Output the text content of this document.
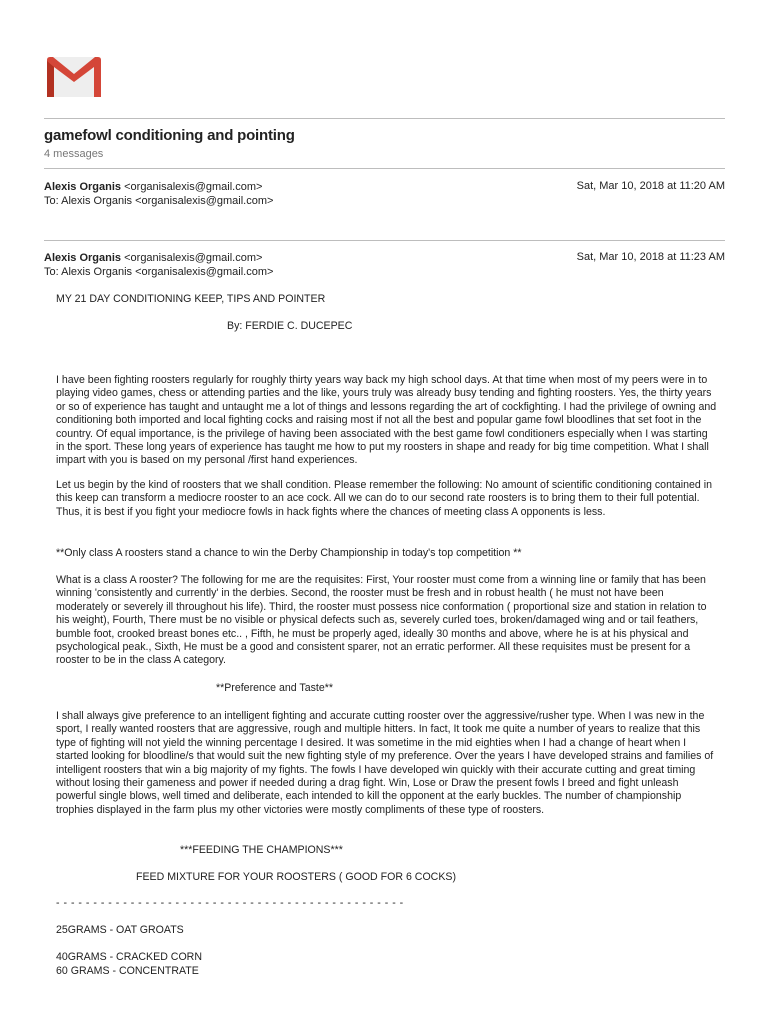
gamefowl conditioning and pointing
4 messages
Alexis Organis <organisalexis@gmail.com>
To: Alexis Organis <organisalexis@gmail.com>
Sat, Mar 10, 2018 at 11:20 AM
Alexis Organis <organisalexis@gmail.com>
To: Alexis Organis <organisalexis@gmail.com>
Sat, Mar 10, 2018 at 11:23 AM
MY 21 DAY CONDITIONING KEEP, TIPS AND POINTER
By: FERDIE C. DUCEPEC
I have been fighting roosters regularly for roughly thirty years way back my high school days. At that time when most of my peers were in to playing video games, chess or attending parties and the like, yours truly was already busy tending and fighting roosters. Yes, the thirty years or so of experience has taught and untaught me a lot of things and lessons regarding the art of cockfighting. I had the privilege of owning and conditioning both imported and local fighting cocks and raising most if not all the best and popular game fowl bloodlines that set foot in the country. Of equal importance, is the privilege of having been associated with the best game fowl conditioners especially when I was starting in the sport. These long years of experience has taught me how to put my roosters in shape and ready for big time competition. What I shall impart with you is based on my personal /first hand experiences.
Let us begin by the kind of roosters that we shall condition. Please remember the following: No amount of scientific conditioning contained in this keep can transform a mediocre rooster to an ace cock. All we can do to our second rate roosters is to bring them to their full potential. Thus, it is best if you fight your mediocre fowls in hack fights where the chances of meeting class A opponents is less.
**Only class A roosters stand a chance to win the Derby Championship in today's top competition **
What is a class A rooster? The following for me are the requisites: First, Your rooster must come from a winning line or family that has been winning 'consistently and currently' in the derbies. Second, the rooster must be fresh and in robust health ( he must not have been moderately or severely ill throughout his life). Third, the rooster must possess nice conformation ( proportional size and station in relation to his weight), Fourth, There must be no visible or physical defects such as, severely curled toes, broken/damaged wing and or tail feathers, bumble foot, crooked breast bones etc.. , Fifth, he must be properly aged, ideally 30 months and above, where he is at his physical and psychological peak., Sixth, He must be a good and consistent sparer, not an erratic performer. All these requisites must be present for a rooster to be in the class A category.
**Preference and Taste**
I shall always give preference to an intelligent fighting and accurate cutting rooster over the aggressive/rusher type. When I was new in the sport, I really wanted roosters that are aggressive, rough and multiple hitters. In fact, It took me quite a number of years to realize that this type of fighting will not yield the winning percentage I desired. It was sometime in the mid eighties when I had a change of heart when I started looking for bloodline/s that would suit the new fighting style of my preference. Over the years I have developed strains and families of intelligent roosters that win a big majority of my fights. The fowls I have developed win quickly with their accurate cutting and great timing without losing their gameness and power if needed during a drag fight. Win, Lose or Draw the present fowls I breed and fight unleash powerful single blows, well timed and deliberate, each intended to kill the opponent at the early buckles. The number of championship trophies displayed in the farm plus my other victories were mostly compliments of these type of roosters.
***FEEDING THE CHAMPIONS***
FEED MIXTURE FOR YOUR ROOSTERS ( GOOD FOR 6 COCKS)
- - - - - - - - - - - - - - - - - - - - - - - - - - - - - - - - - - - - - - - - - - - - - - -
25GRAMS - OAT GROATS
40GRAMS - CRACKED CORN
60 GRAMS - CONCENTRATE
